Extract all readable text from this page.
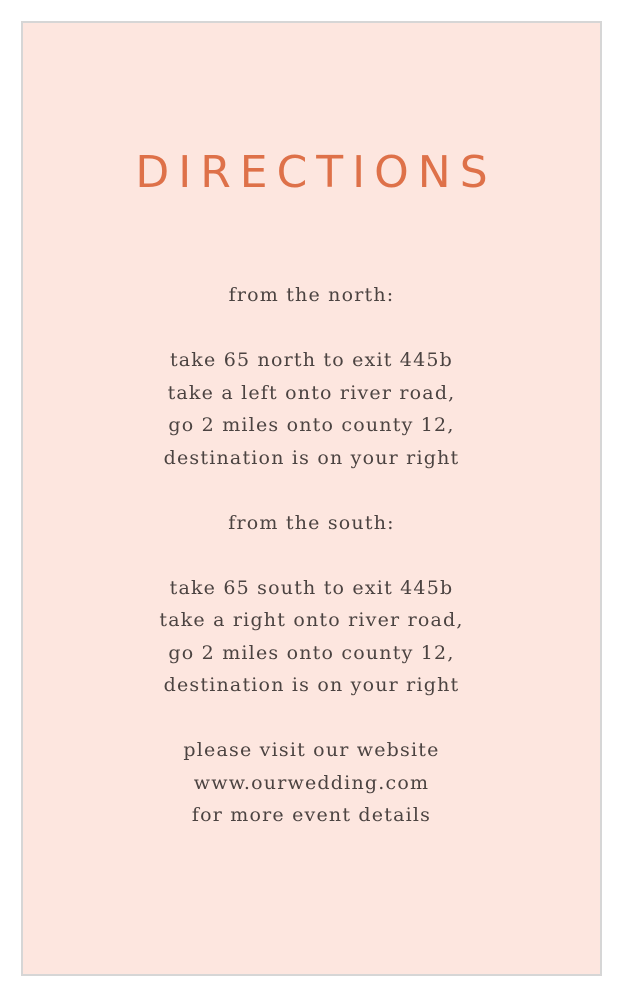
DIRECTIONS
from the north:
take 65 north to exit 445b
take a left onto river road,
go 2 miles onto county 12,
destination is on your right
from the south:
take 65 south to exit 445b
take a right onto river road,
go 2 miles onto county 12,
destination is on your right
please visit our website
www.ourwedding.com
for more event details
